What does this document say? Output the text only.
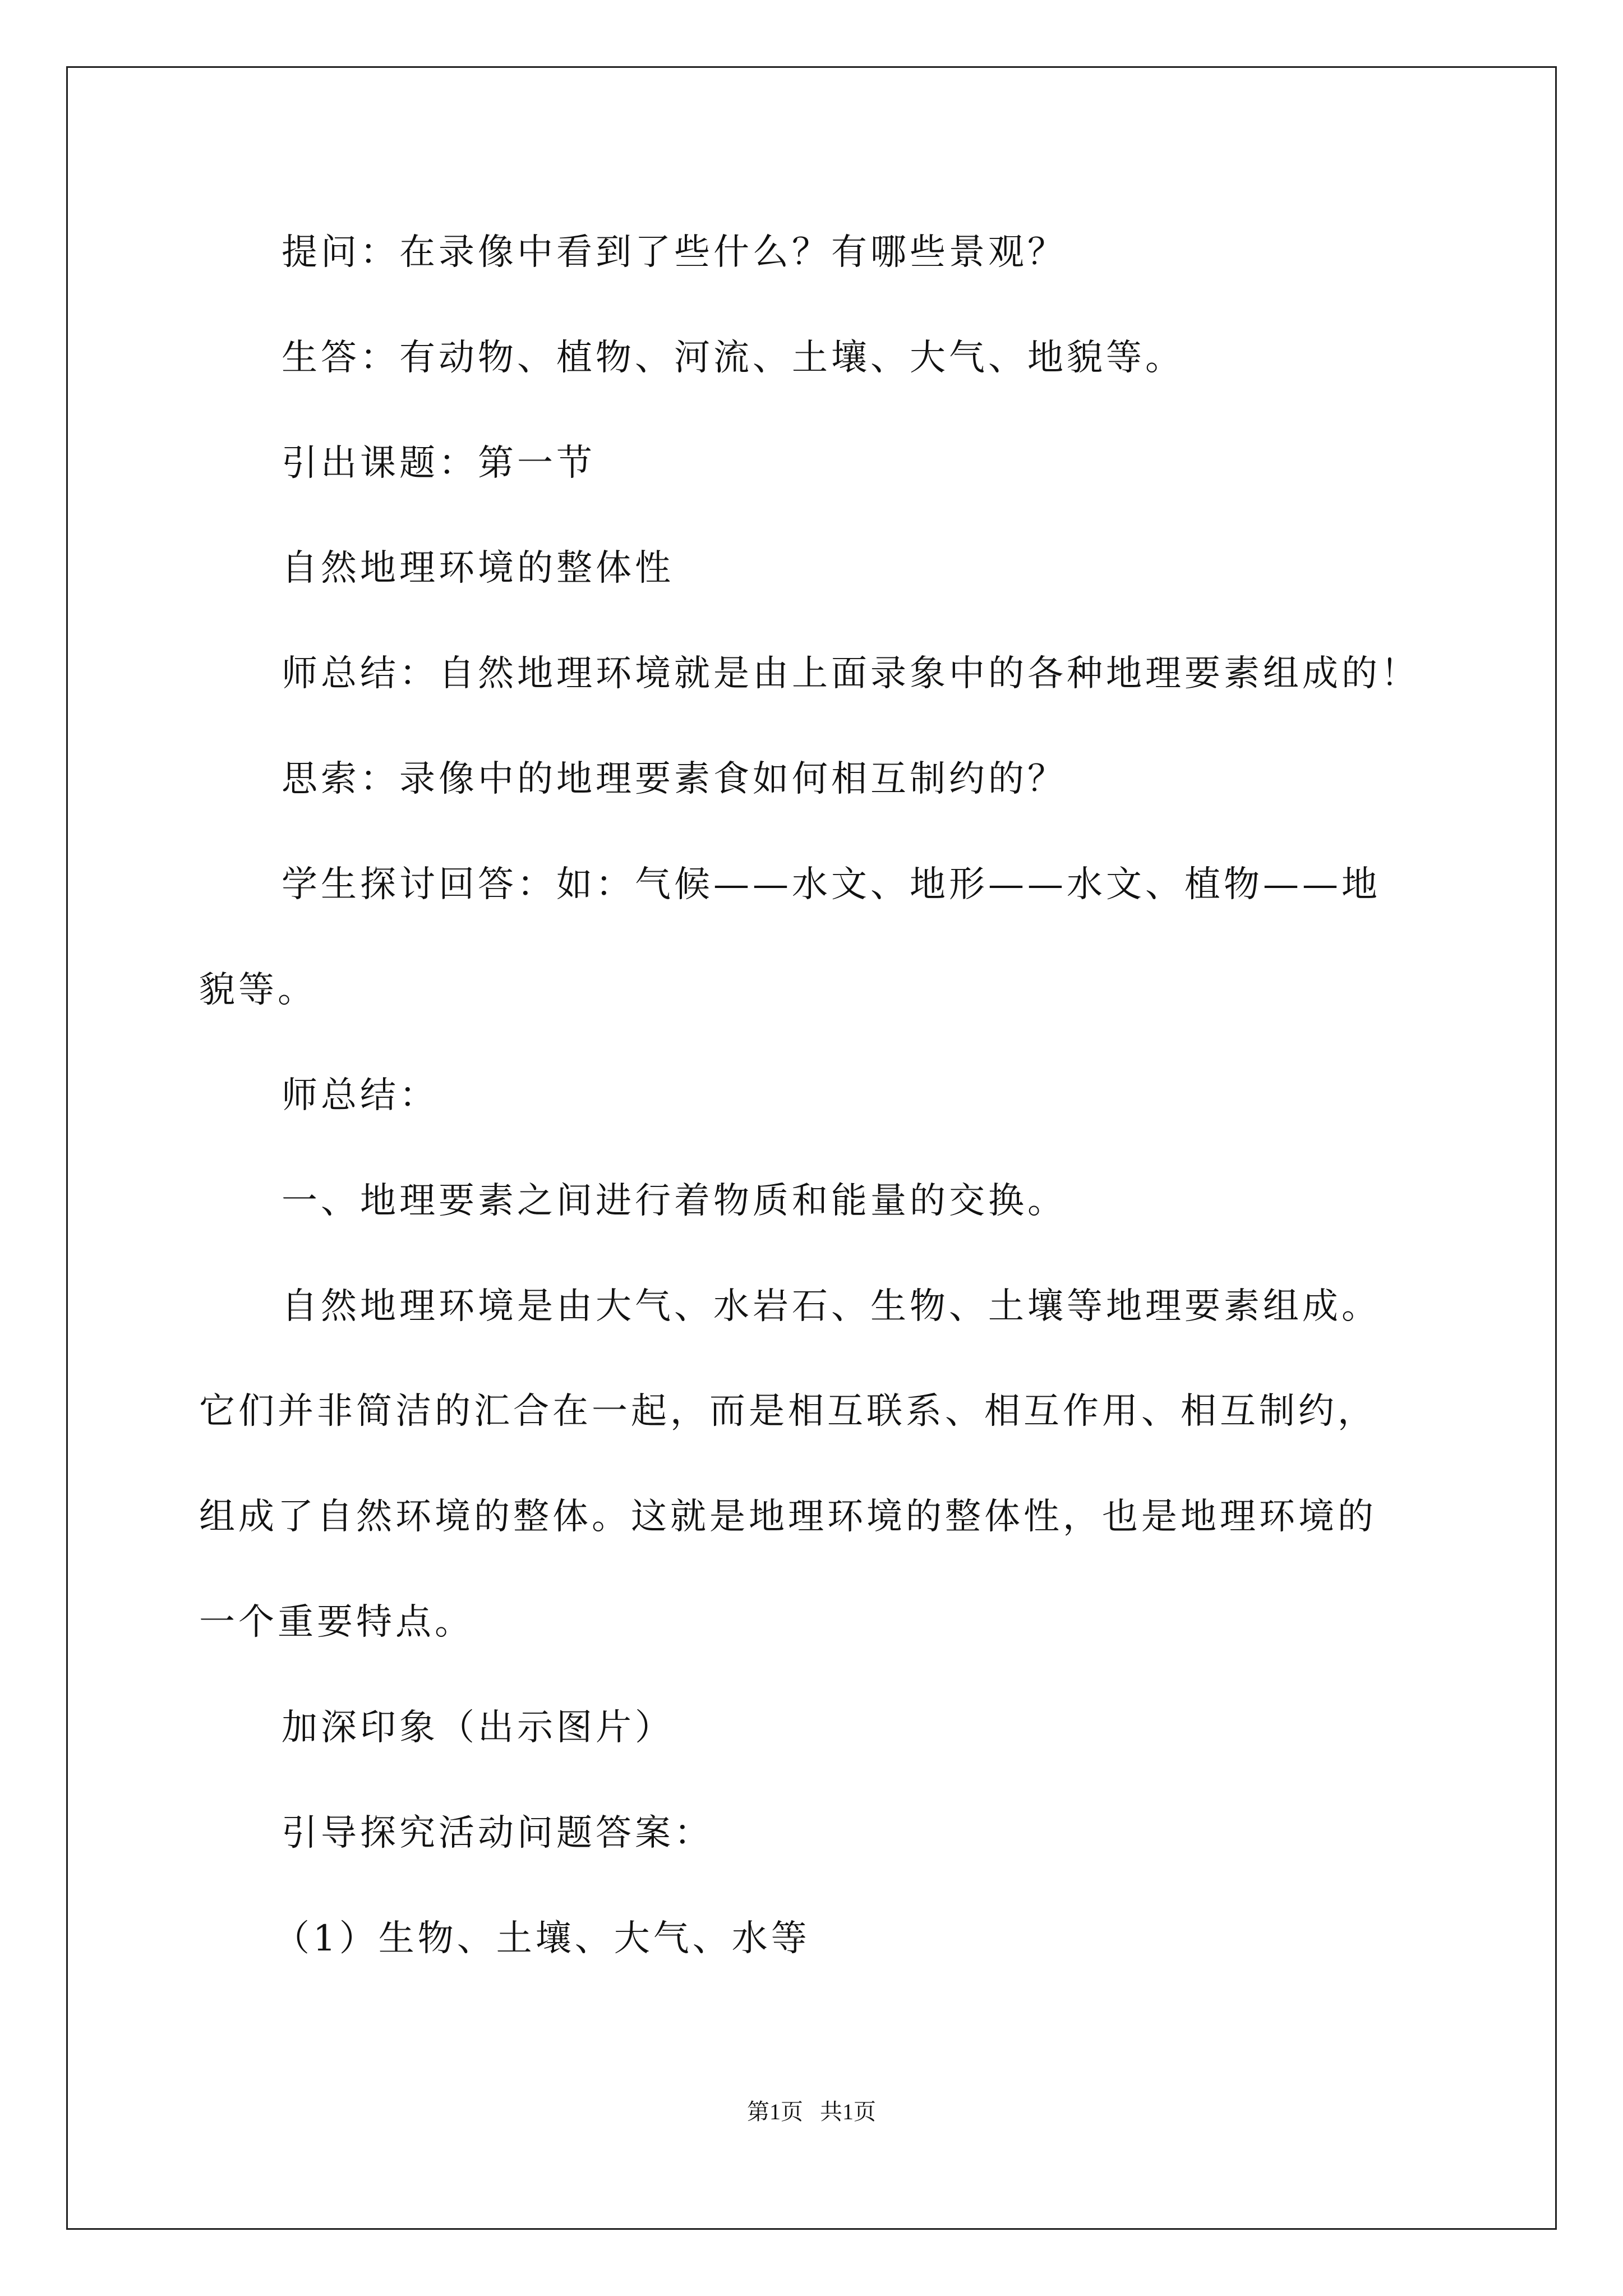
提问：在录像中看到了些什么？有哪些景观？
生答：有动物、植物、河流、土壤、大气、地貌等。
引出课题：第一节
自然地理环境的整体性
师总结：自然地理环境就是由上面录象中的各种地理要素组成的！
思索：录像中的地理要素食如何相互制约的？
学生探讨回答：如：气候——水文、地形——水文、植物——地
貌等。
师总结：
一、地理要素之间进行着物质和能量的交换。
自然地理环境是由大气、水岩石、生物、土壤等地理要素组成。
它们并非简洁的汇合在一起，而是相互联系、相互作用、相互制约，
组成了自然环境的整体。这就是地理环境的整体性，也是地理环境的
一个重要特点。
加深印象（出示图片）
引导探究活动问题答案：
（1）生物、土壤、大气、水等
第1页   共1页
